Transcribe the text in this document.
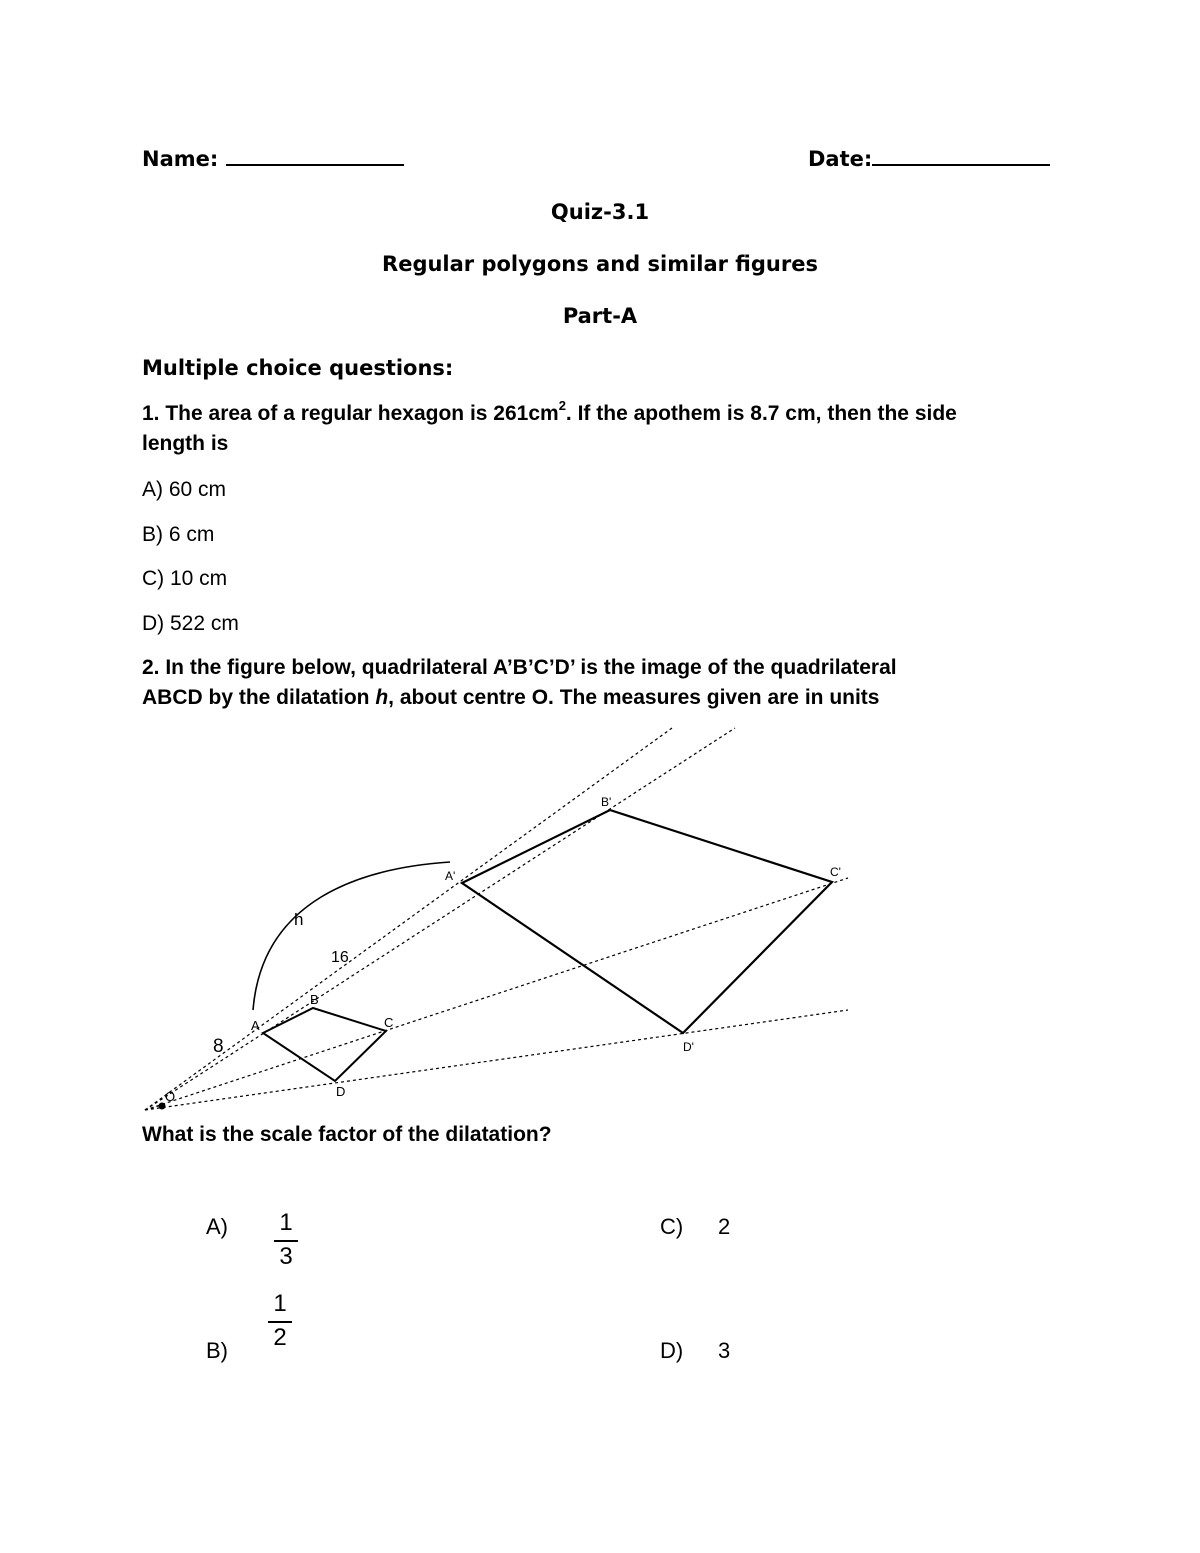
Name:	Date:
Quiz-3.1
Regular polygons and similar figures
Part-A
Multiple choice questions:
1. The area of a regular hexagon is $261cm^2$. If the apothem is 8.7 cm, then the side
length is
A) 60 cm
B) 6 cm
C) 10 cm
D) 522 cm
2. In the figure below, quadrilateral A’B’C’D’ is the image of the quadrilateral
ABCD by the dilatation h, about centre O. The measures given are in units
O
A
B
C
D
A'
B'
C'
D'
h
16
8
What is the scale factor of the dilatation?
A) 1
3
1
2
B)
C) 2
D) 3
